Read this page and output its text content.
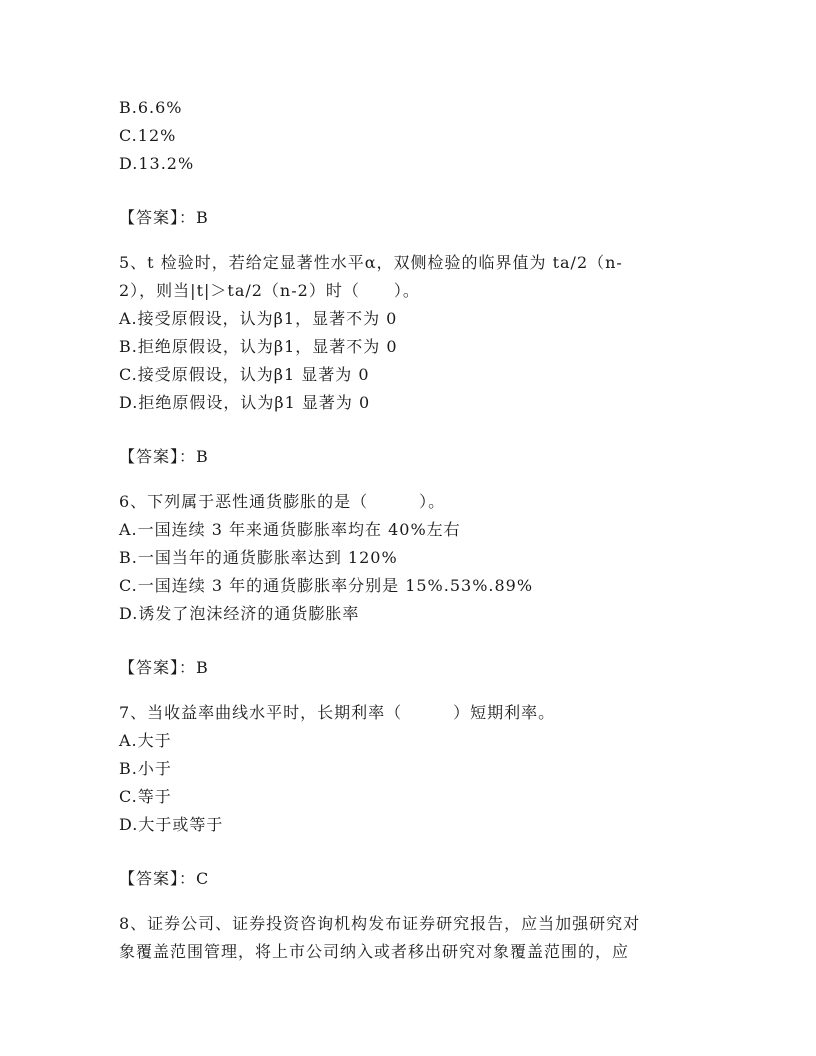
B.6.6%
C.12%
D.13.2%
【答案】：B
5、t 检验时，若给定显著性水平α，双侧检验的临界值为 ta/2（n-
2），则当|t|＞ta/2（n-2）时（　　）。
A.接受原假设，认为β1，显著不为 0
B.拒绝原假设，认为β1，显著不为 0
C.接受原假设，认为β1 显著为 0
D.拒绝原假设，认为β1 显著为 0
【答案】：B
6、下列属于恶性通货膨胀的是（　　　）。
A.一国连续 3 年来通货膨胀率均在 40%左右
B.一国当年的通货膨胀率达到 120%
C.一国连续 3 年的通货膨胀率分别是 15%.53%.89%
D.诱发了泡沫经济的通货膨胀率
【答案】：B
7、当收益率曲线水平时，长期利率（　　　）短期利率。
A.大于
B.小于
C.等于
D.大于或等于
【答案】：C
8、证券公司、证券投资咨询机构发布证券研究报告，应当加强研究对
象覆盖范围管理，将上市公司纳入或者移出研究对象覆盖范围的，应
